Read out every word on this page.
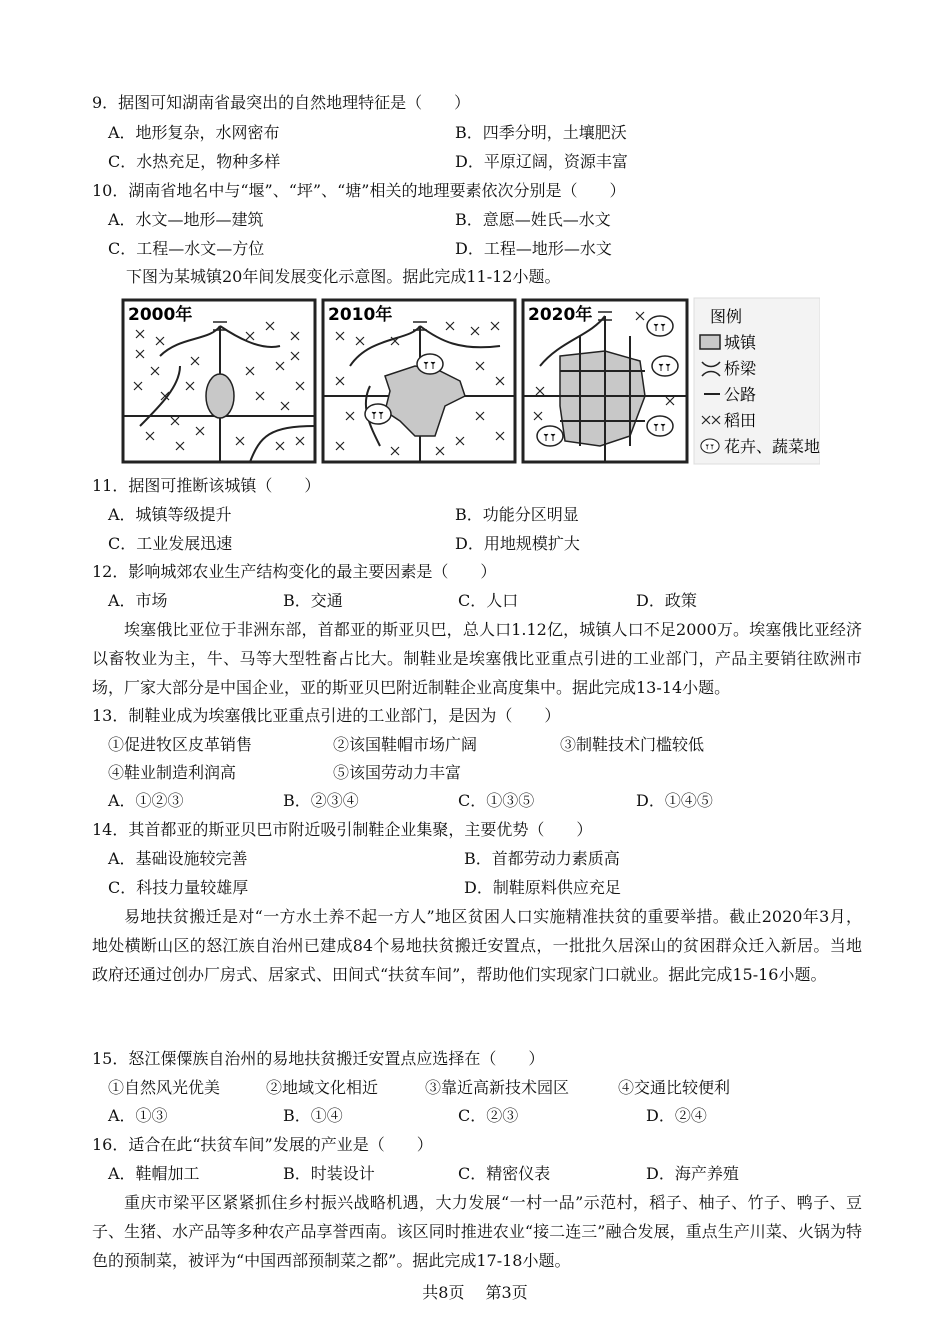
9．据图可知湖南省最突出的自然地理特征是（　　）
A．地形复杂，水网密布	B．四季分明，土壤肥沃
C．水热充足，物种多样	D．平原辽阔，资源丰富
10．湖南省地名中与“堰”、“坪”、“塘”相关的地理要素依次分别是（　　）
A．水文—地形—建筑	B．意愿—姓氏—水文
C．工程—水文—方位	D．工程—地形—水文
下图为某城镇20年间发展变化示意图。据此完成11-12小题。
2000年	2010年	2020年	图例
城镇
桥梁
公路
稻田
花卉、蔬菜地
11．据图可推断该城镇（　　）
A．城镇等级提升	B．功能分区明显
C．工业发展迅速	D．用地规模扩大
12．影响城郊农业生产结构变化的最主要因素是（　　）
A．市场	B．交通	C．人口	D．政策
埃塞俄比亚位于非洲东部，首都亚的斯亚贝巴，总人口1.12亿，城镇人口不足2000万。埃塞俄比亚经济以畜牧业为主，牛、马等大型牲畜占比大。制鞋业是埃塞俄比亚重点引进的工业部门，产品主要销往欧洲市场，厂家大部分是中国企业，亚的斯亚贝巴附近制鞋企业高度集中。据此完成13-14小题。
13．制鞋业成为埃塞俄比亚重点引进的工业部门，是因为（　　）
①促进牧区皮革销售	②该国鞋帽市场广阔	③制鞋技术门槛较低
④鞋业制造利润高	⑤该国劳动力丰富
A．①②③	B．②③④	C．①③⑤	D．①④⑤
14．其首都亚的斯亚贝巴市附近吸引制鞋企业集聚，主要优势（　　）
A．基础设施较完善	B．首都劳动力素质高
C．科技力量较雄厚	D．制鞋原料供应充足
易地扶贫搬迁是对“一方水土养不起一方人”地区贫困人口实施精准扶贫的重要举措。截止2020年3月，地处横断山区的怒江族自治州已建成84个易地扶贫搬迁安置点，一批批久居深山的贫困群众迁入新居。当地政府还通过创办厂房式、居家式、田间式“扶贫车间”，帮助他们实现家门口就业。据此完成15-16小题。
15．怒江傈僳族自治州的易地扶贫搬迁安置点应选择在（　　）
①自然风光优美	②地域文化相近	③靠近高新技术园区	④交通比较便利
A．①③	B．①④	C．②③	D．②④
16．适合在此“扶贫车间”发展的产业是（　　）
A．鞋帽加工	B．时装设计	C．精密仪表	D．海产养殖
重庆市梁平区紧紧抓住乡村振兴战略机遇，大力发展“一村一品”示范村，稻子、柚子、竹子、鸭子、豆子、生猪、水产品等多种农产品享誉西南。该区同时推进农业“接二连三”融合发展，重点生产川菜、火锅为特色的预制菜，被评为“中国西部预制菜之都”。据此完成17-18小题。
共8页 第3页
